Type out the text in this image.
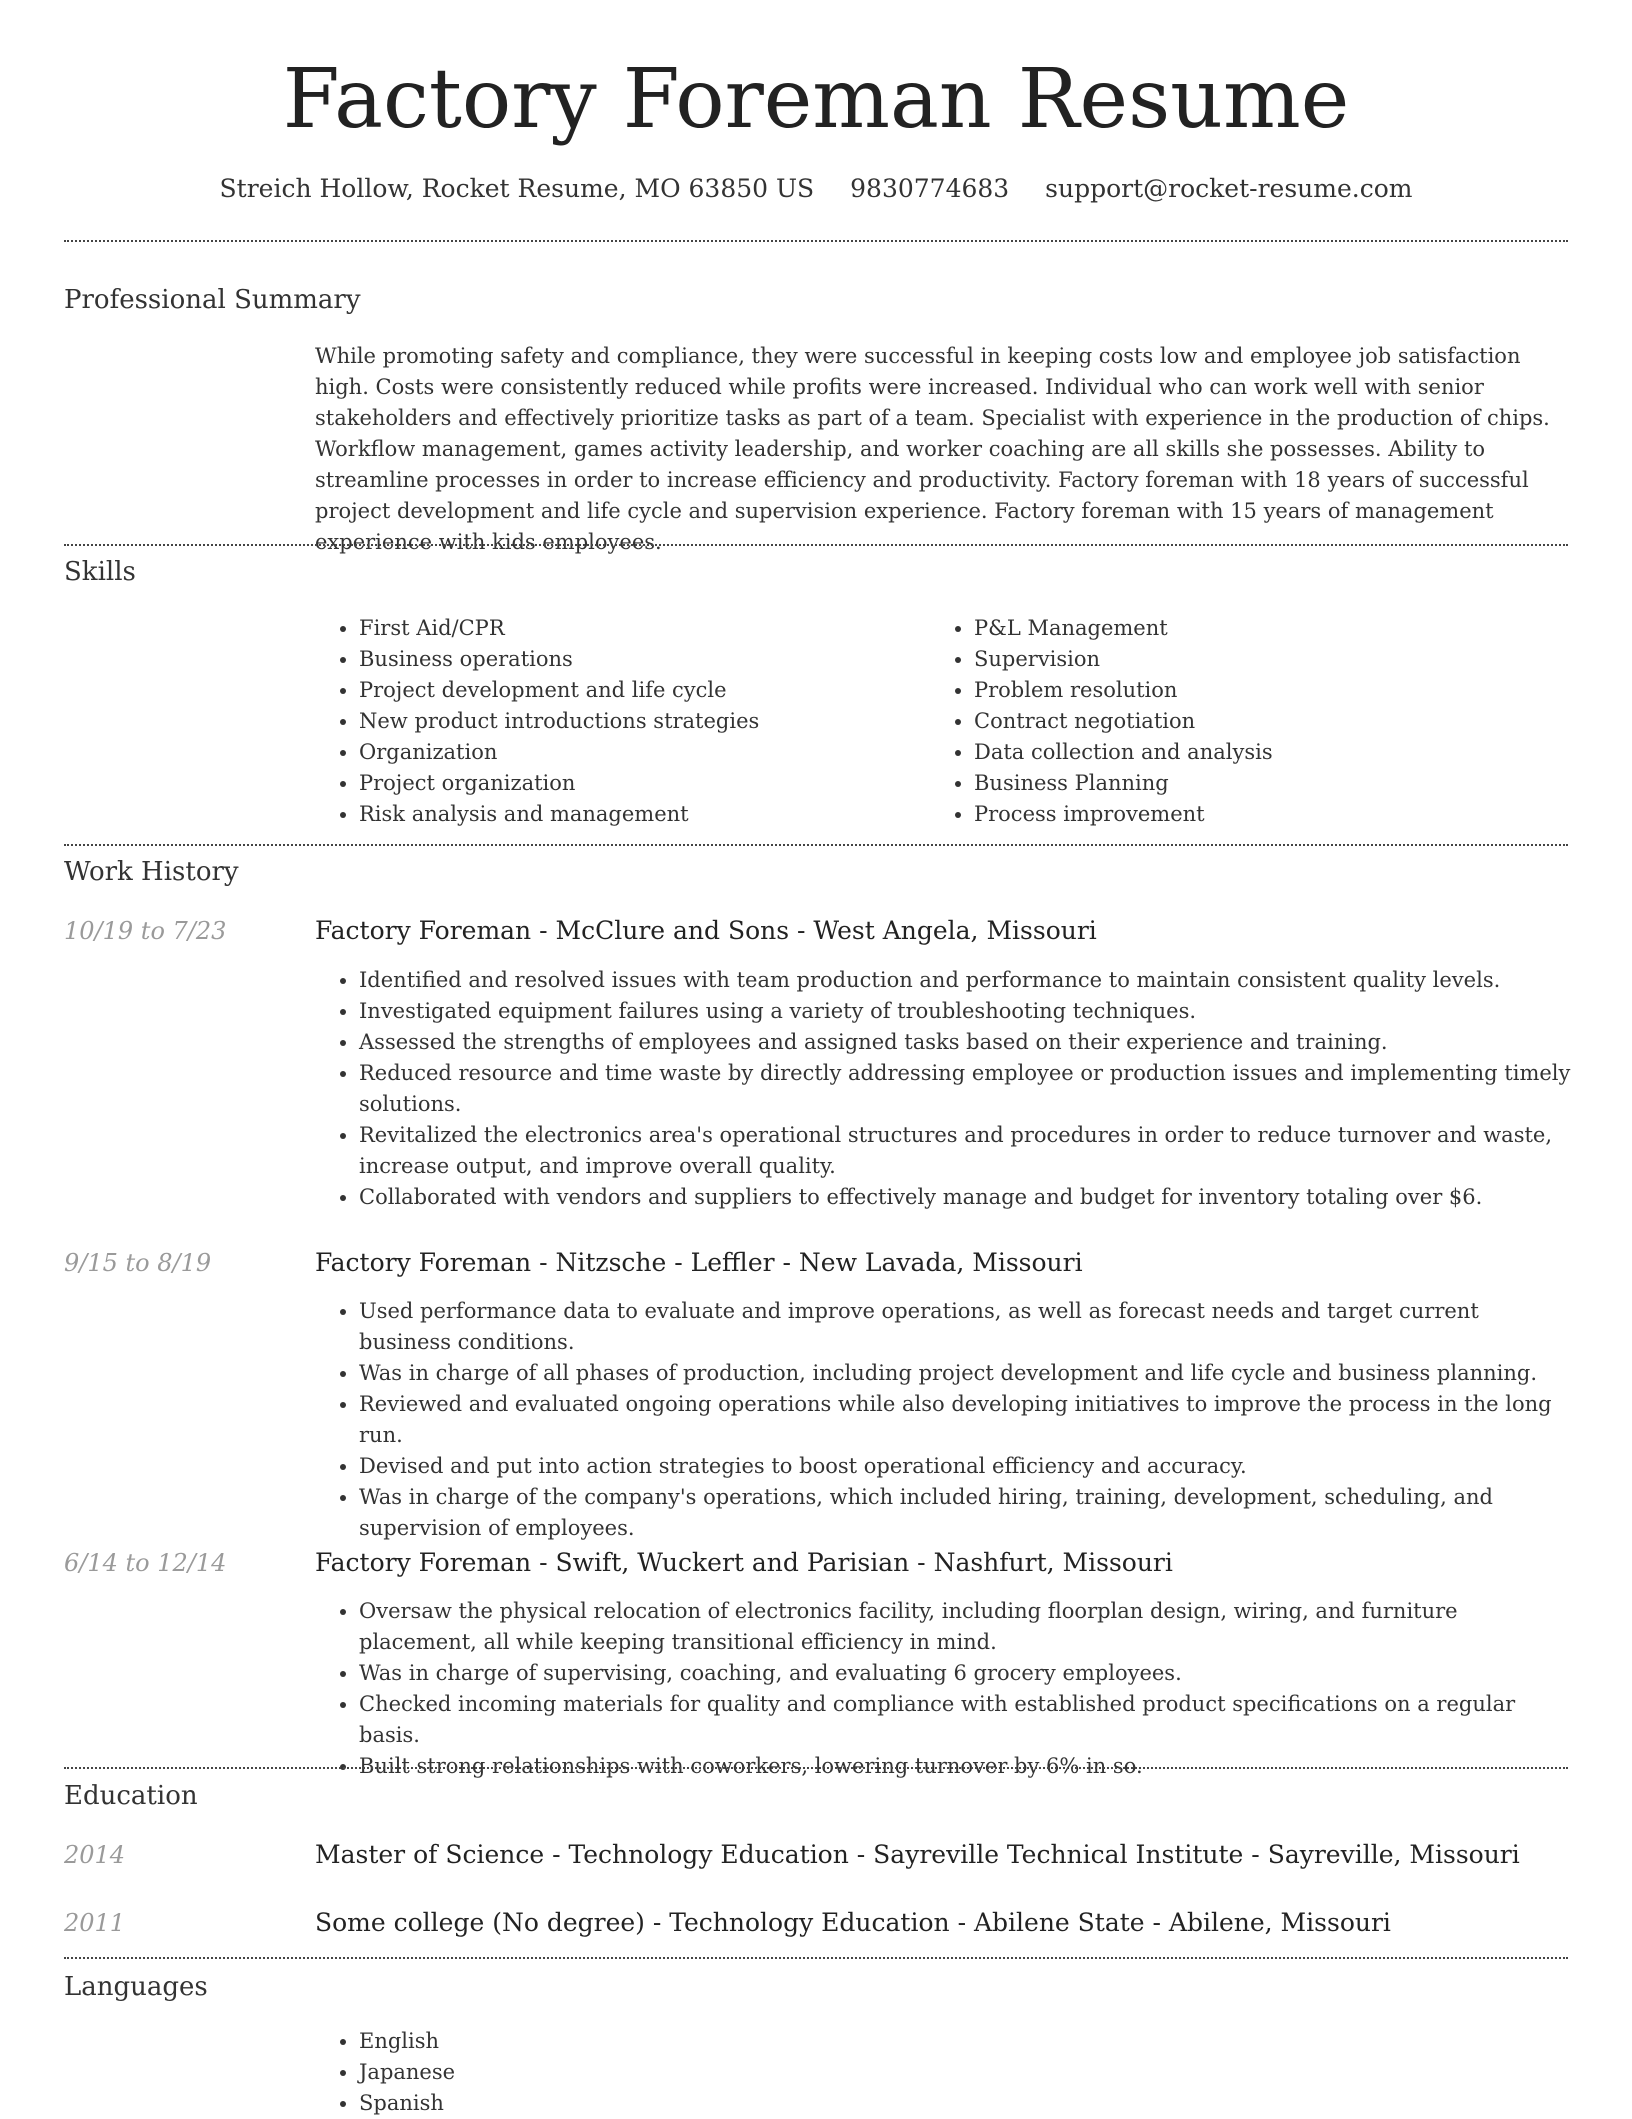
Factory Foreman Resume
Streich Hollow, Rocket Resume, MO 63850 US 9830774683 support@rocket-resume.com
Professional Summary

While promoting safety and compliance, they were successful in keeping costs low and employee job satisfaction high. Costs were consistently reduced while profits were increased. Individual who can work well with senior stakeholders and effectively prioritize tasks as part of a team. Specialist with experience in the production of chips. Workflow management, games activity leadership, and worker coaching are all skills she possesses. Ability to streamline processes in order to increase efficiency and productivity. Factory foreman with 18 years of successful project development and life cycle and supervision experience. Factory foreman with 15 years of management experience with kids employees.

Skills
• First Aid/CPR
• Business operations
• Project development and life cycle
• New product introductions strategies
• Organization
• Project organization
• Risk analysis and management
• P&L Management
• Supervision
• Problem resolution
• Contract negotiation
• Data collection and analysis
• Business Planning
• Process improvement
Work History
10/19 to 7/23	Factory Foreman - McClure and Sons - West Angela, Missouri
• Identified and resolved issues with team production and performance to maintain consistent quality levels.
• Investigated equipment failures using a variety of troubleshooting techniques.
• Assessed the strengths of employees and assigned tasks based on their experience and training.
• Reduced resource and time waste by directly addressing employee or production issues and implementing timely solutions.
• Revitalized the electronics area's operational structures and procedures in order to reduce turnover and waste, increase output, and improve overall quality.
• Collaborated with vendors and suppliers to effectively manage and budget for inventory totaling over $6.
9/15 to 8/19	Factory Foreman - Nitzsche - Leffler - New Lavada, Missouri
• Used performance data to evaluate and improve operations, as well as forecast needs and target current business conditions.
• Was in charge of all phases of production, including project development and life cycle and business planning.
• Reviewed and evaluated ongoing operations while also developing initiatives to improve the process in the long run.
• Devised and put into action strategies to boost operational efficiency and accuracy.
• Was in charge of the company's operations, which included hiring, training, development, scheduling, and supervision of employees.
6/14 to 12/14	Factory Foreman - Swift, Wuckert and Parisian - Nashfurt, Missouri
• Oversaw the physical relocation of electronics facility, including floorplan design, wiring, and furniture placement, all while keeping transitional efficiency in mind.
• Was in charge of supervising, coaching, and evaluating 6 grocery employees.
• Checked incoming materials for quality and compliance with established product specifications on a regular basis.
• Built strong relationships with coworkers, lowering turnover by 6% in so.
Education
2014	Master of Science - Technology Education - Sayreville Technical Institute - Sayreville, Missouri
2011	Some college (No degree) - Technology Education - Abilene State - Abilene, Missouri
Languages
• English
• Japanese
• Spanish
